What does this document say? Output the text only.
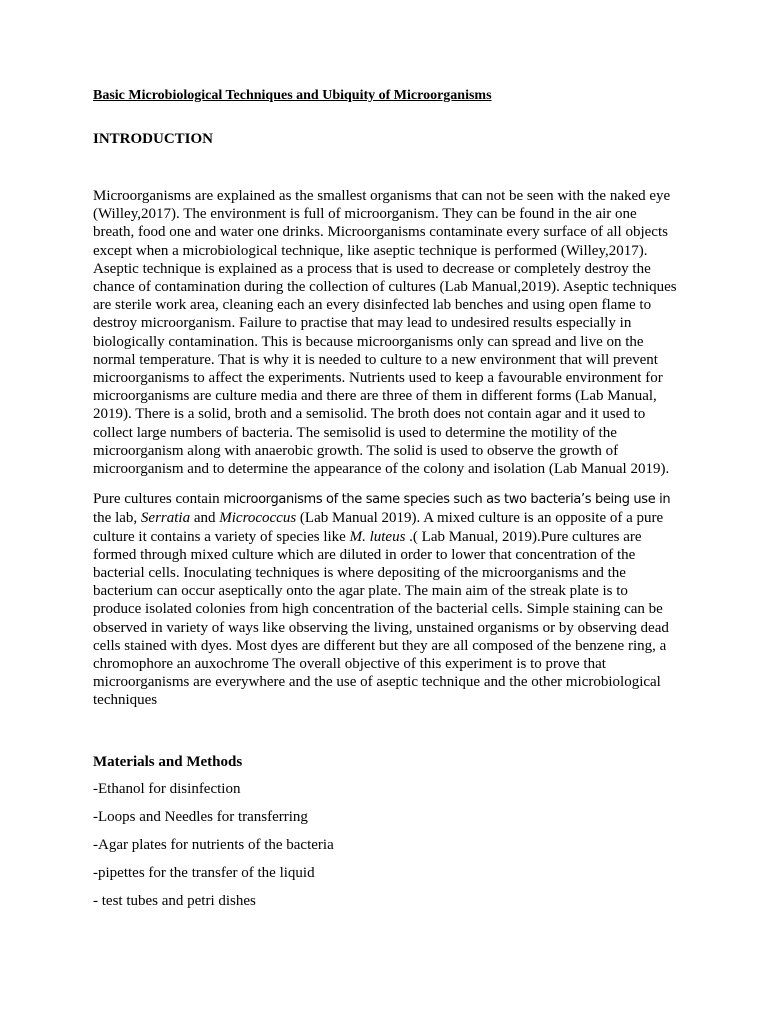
Basic Microbiological Techniques and Ubiquity of Microorganisms
INTRODUCTION

Microorganisms are explained as the smallest organisms that can not be seen with the naked eye (Willey,2017). The environment is full of microorganism. They can be found in the air one breath, food one and water one drinks. Microorganisms contaminate every surface of all objects except when a microbiological technique, like aseptic technique is performed (Willey,2017). Aseptic technique is explained as a process that is used to decrease or completely destroy the chance of contamination during the collection of cultures (Lab Manual,2019). Aseptic techniques are sterile work area, cleaning each an every disinfected lab benches and using open flame to destroy microorganism. Failure to practise that may lead to undesired results especially in biologically contamination. This is because microorganisms only can spread and live on the normal temperature. That is why it is needed to culture to a new environment that will prevent microorganisms to affect the experiments. Nutrients used to keep a favourable environment for microorganisms are culture media and there are three of them in different forms (Lab Manual, 2019). There is a solid, broth and a semisolid. The broth does not contain agar and it used to collect large numbers of bacteria. The semisolid is used to determine the motility of the microorganism along with anaerobic growth. The solid is used to observe the growth of microorganism and to determine the appearance of the colony and isolation (Lab Manual 2019).

Pure cultures contain microorganisms of the same species such as two bacteria’s being use in the lab, Serratia and Micrococcus (Lab Manual 2019). A mixed culture is an opposite of a pure culture it contains a variety of species like M. luteus .( Lab Manual, 2019).Pure cultures are formed through mixed culture which are diluted in order to lower that concentration of the bacterial cells. Inoculating techniques is where depositing of the microorganisms and the bacterium can occur aseptically onto the agar plate. The main aim of the streak plate is to produce isolated colonies from high concentration of the bacterial cells. Simple staining can be observed in variety of ways like observing the living, unstained organisms or by observing dead cells stained with dyes. Most dyes are different but they are all composed of the benzene ring, a chromophore an auxochrome The overall objective of this experiment is to prove that microorganisms are everywhere and the use of aseptic technique and the other microbiological techniques

Materials and Methods
-Ethanol for disinfection
-Loops and Needles for transferring
-Agar plates for nutrients of the bacteria
-pipettes for the transfer of the liquid
- test tubes and petri dishes
